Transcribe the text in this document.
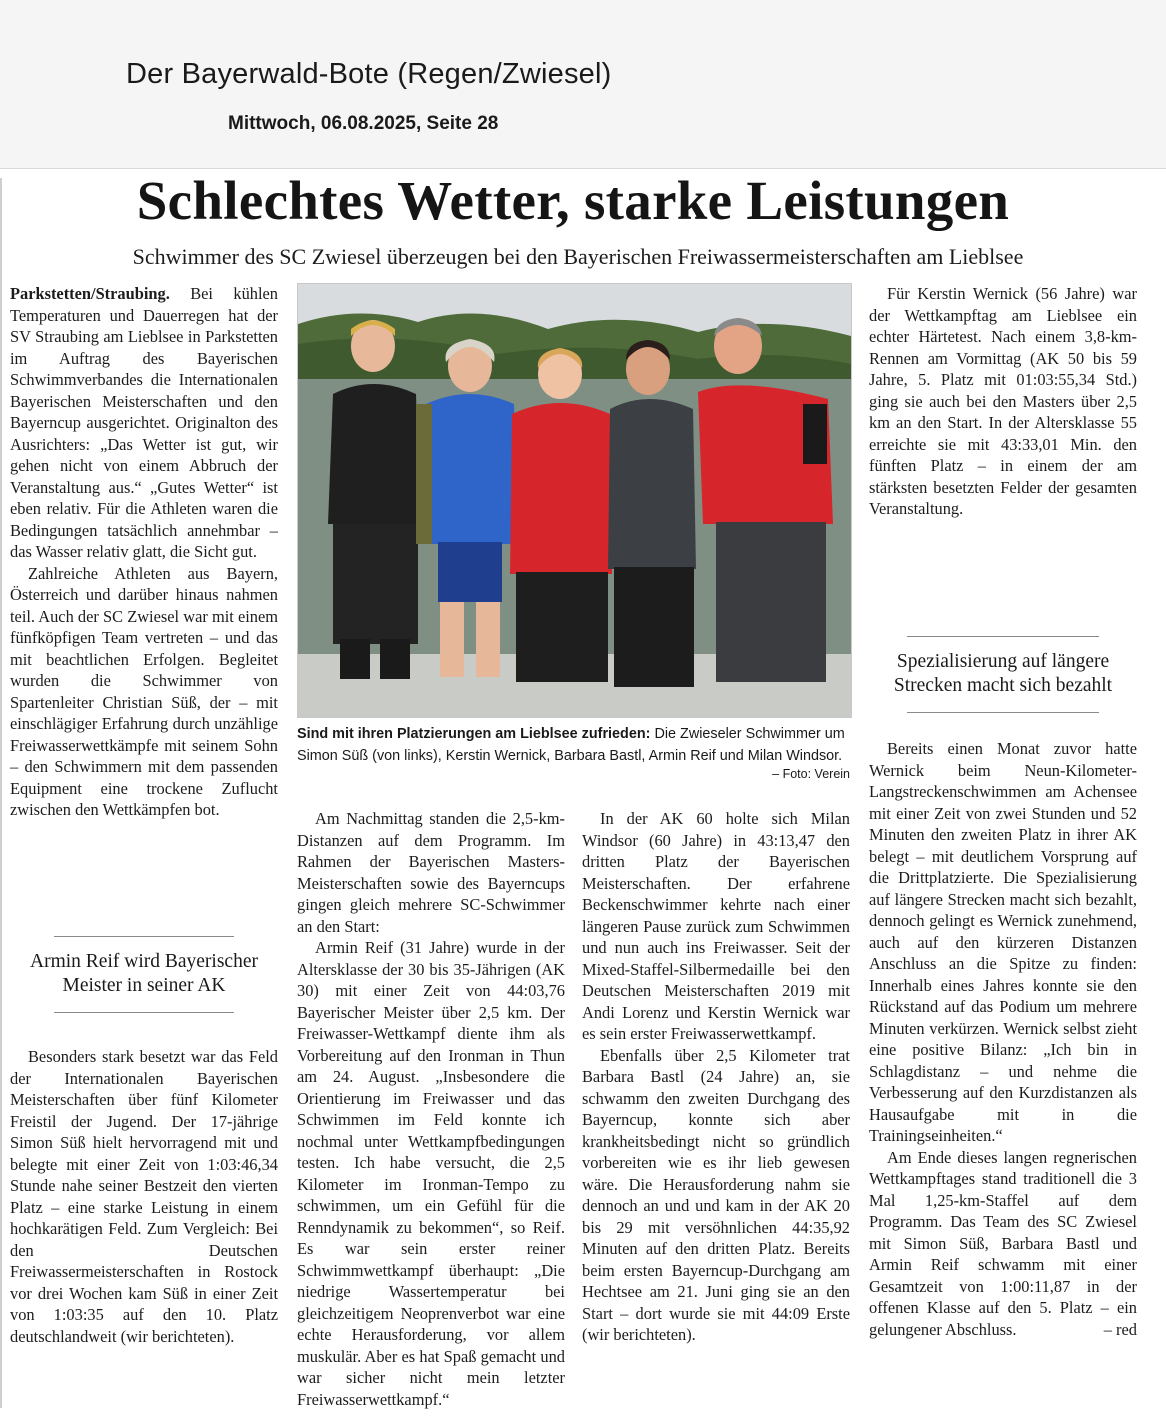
Der Bayerwald-Bote (Regen/Zwiesel)
Mittwoch, 06.08.2025, Seite 28
Schlechtes Wetter, starke Leistungen
Schwimmer des SC Zwiesel überzeugen bei den Bayerischen Freiwassermeisterschaften am Lieblsee

Parkstetten/Straubing. Bei kühlen Temperaturen und Dauerregen hat der SV Straubing am Lieblsee in Parkstetten im Auftrag des Bayerischen Schwimmverbandes die Internationalen Bayerischen Meisterschaften und den Bayerncup ausgerichtet. Originalton des Ausrichters: „Das Wetter ist gut, wir gehen nicht von einem Abbruch der Veranstaltung aus.“ „Gutes Wetter“ ist eben relativ. Für die Athleten waren die Bedingungen tatsächlich annehmbar – das Wasser relativ glatt, die Sicht gut.

Zahlreiche Athleten aus Bayern, Österreich und darüber hinaus nahmen teil. Auch der SC Zwiesel war mit einem fünfköpfigen Team vertreten – und das mit beachtlichen Erfolgen. Begleitet wurden die Schwimmer von Spartenleiter Christian Süß, der – mit einschlägiger Erfahrung durch unzählige Freiwasserwettkämpfe mit seinem Sohn – den Schwimmern mit dem passenden Equipment eine trockene Zuflucht zwischen den Wettkämpfen bot.

Armin Reif wird Bayerischer Meister in seiner AK

Besonders stark besetzt war das Feld der Internationalen Bayerischen Meisterschaften über fünf Kilometer Freistil der Jugend. Der 17-jährige Simon Süß hielt hervorragend mit und belegte mit einer Zeit von 1:03:46,34 Stunde nahe seiner Bestzeit den vierten Platz – eine starke Leistung in einem hochkarätigen Feld. Zum Vergleich: Bei den Deutschen Freiwassermeisterschaften in Rostock vor drei Wochen kam Süß in einer Zeit von 1:03:35 auf den 10. Platz deutschlandweit (wir berichteten).

Sind mit ihren Platzierungen am Lieblsee zufrieden: Die Zwieseler Schwimmer um Simon Süß (von links), Kerstin Wernick, Barbara Bastl, Armin Reif und Milan Windsor.
– Foto: Verein

Am Nachmittag standen die 2,5-km-Distanzen auf dem Programm. Im Rahmen der Bayerischen Masters-Meisterschaften sowie des Bayerncups gingen gleich mehrere SC-Schwimmer an den Start:

Armin Reif (31 Jahre) wurde in der Altersklasse der 30 bis 35-Jährigen (AK 30) mit einer Zeit von 44:03,76 Bayerischer Meister über 2,5 km. Der Freiwasser-Wettkampf diente ihm als Vorbereitung auf den Ironman in Thun am 24. August. „Insbesondere die Orientierung im Freiwasser und das Schwimmen im Feld konnte ich nochmal unter Wettkampfbedingungen testen. Ich habe versucht, die 2,5 Kilometer im Ironman-Tempo zu schwimmen, um ein Gefühl für die Renndynamik zu bekommen“, so Reif. Es war sein erster reiner Schwimmwettkampf überhaupt: „Die niedrige Wassertemperatur bei gleichzeitigem Neoprenverbot war eine echte Herausforderung, vor allem muskulär. Aber es hat Spaß gemacht und war sicher nicht mein letzter Freiwasserwettkampf.“

In der AK 60 holte sich Milan Windsor (60 Jahre) in 43:13,47 den dritten Platz der Bayerischen Meisterschaften. Der erfahrene Beckenschwimmer kehrte nach einer längeren Pause zurück zum Schwimmen und nun auch ins Freiwasser. Seit der Mixed-Staffel-Silbermedaille bei den Deutschen Meisterschaften 2019 mit Andi Lorenz und Kerstin Wernick war es sein erster Freiwasserwettkampf.

Ebenfalls über 2,5 Kilometer trat Barbara Bastl (24 Jahre) an, sie schwamm den zweiten Durchgang des Bayerncup, konnte sich aber krankheitsbedingt nicht so gründlich vorbereiten wie es ihr lieb gewesen wäre. Die Herausforderung nahm sie dennoch an und und kam in der AK 20 bis 29 mit versöhnlichen 44:35,92 Minuten auf den dritten Platz. Bereits beim ersten Bayerncup-Durchgang am Hechtsee am 21. Juni ging sie an den Start – dort wurde sie mit 44:09 Erste (wir berichteten).

Für Kerstin Wernick (56 Jahre) war der Wettkampftag am Lieblsee ein echter Härtetest. Nach einem 3,8-km-Rennen am Vormittag (AK 50 bis 59 Jahre, 5. Platz mit 01:03:55,34 Std.) ging sie auch bei den Masters über 2,5 km an den Start. In der Altersklasse 55 erreichte sie mit 43:33,01 Min. den fünften Platz – in einem der am stärksten besetzten Felder der gesamten Veranstaltung.

Spezialisierung auf längere Strecken macht sich bezahlt

Bereits einen Monat zuvor hatte Wernick beim Neun-Kilometer-Langstreckenschwimmen am Achensee mit einer Zeit von zwei Stunden und 52 Minuten den zweiten Platz in ihrer AK belegt – mit deutlichem Vorsprung auf die Drittplatzierte. Die Spezialisierung auf längere Strecken macht sich bezahlt, dennoch gelingt es Wernick zunehmend, auch auf den kürzeren Distanzen Anschluss an die Spitze zu finden: Innerhalb eines Jahres konnte sie den Rückstand auf das Podium um mehrere Minuten verkürzen. Wernick selbst zieht eine positive Bilanz: „Ich bin in Schlagdistanz – und nehme die Verbesserung auf den Kurzdistanzen als Hausaufgabe mit in die Trainingseinheiten.“

Am Ende dieses langen regnerischen Wettkampftages stand traditionell die 3 Mal 1,25-km-Staffel auf dem Programm. Das Team des SC Zwiesel mit Simon Süß, Barbara Bastl und Armin Reif schwamm mit einer Gesamtzeit von 1:00:11,87 in der offenen Klasse auf den 5. Platz – ein gelungener Abschluss.	– red
